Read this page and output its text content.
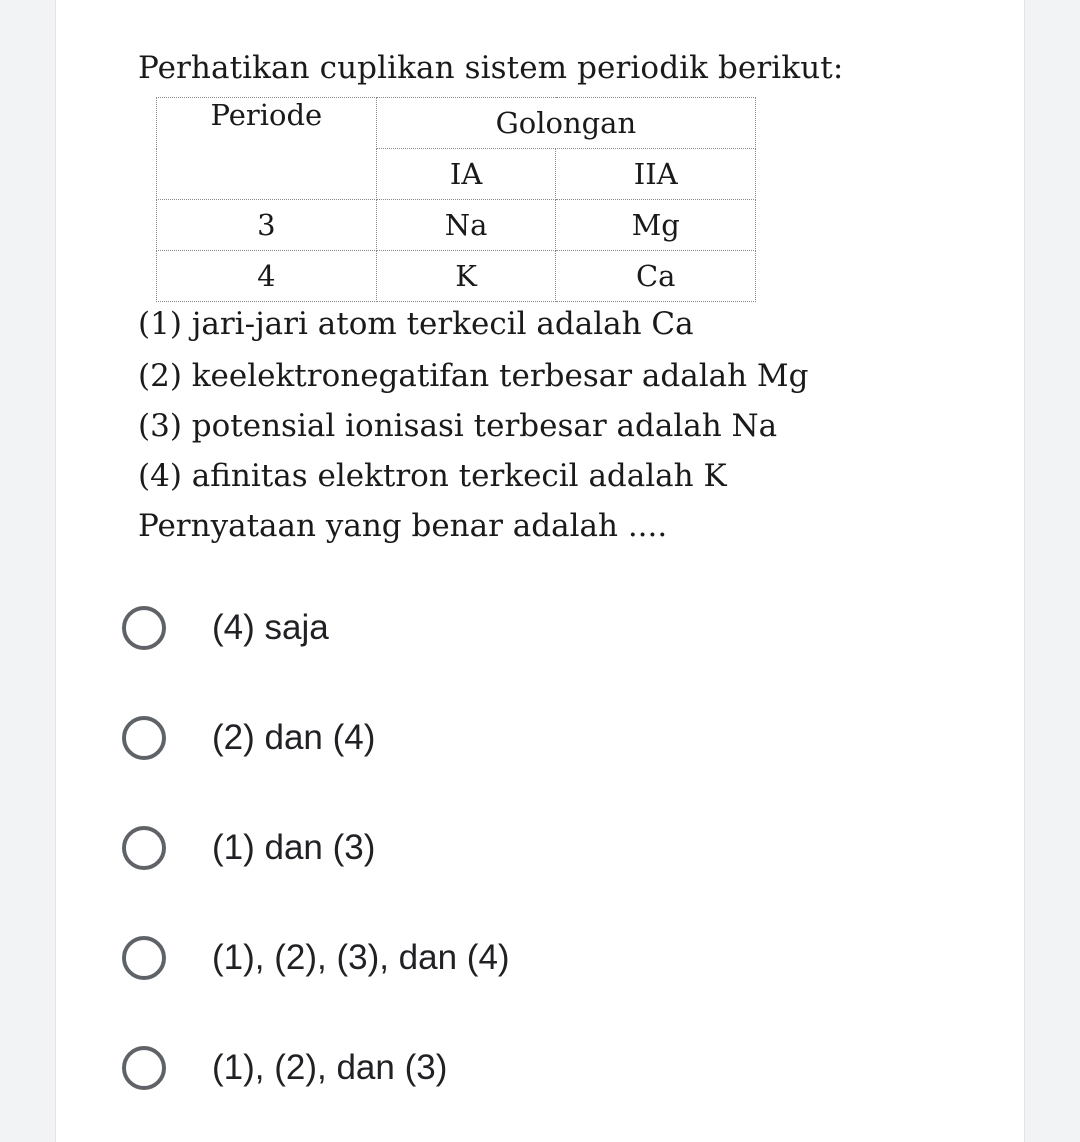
Perhatikan cuplikan sistem periodik berikut:
Periode	Golongan	
	IA	IIA
3	Na	Mg
4	K	Ca
(1) jari-jari atom terkecil adalah Ca
(2) keelektronegatifan terbesar adalah Mg
(3) potensial ionisasi terbesar adalah Na
(4) afinitas elektron terkecil adalah K
Pernyataan yang benar adalah ....
(4) saja
(2) dan (4)
(1) dan (3)
(1), (2), (3), dan (4)
(1), (2), dan (3)
